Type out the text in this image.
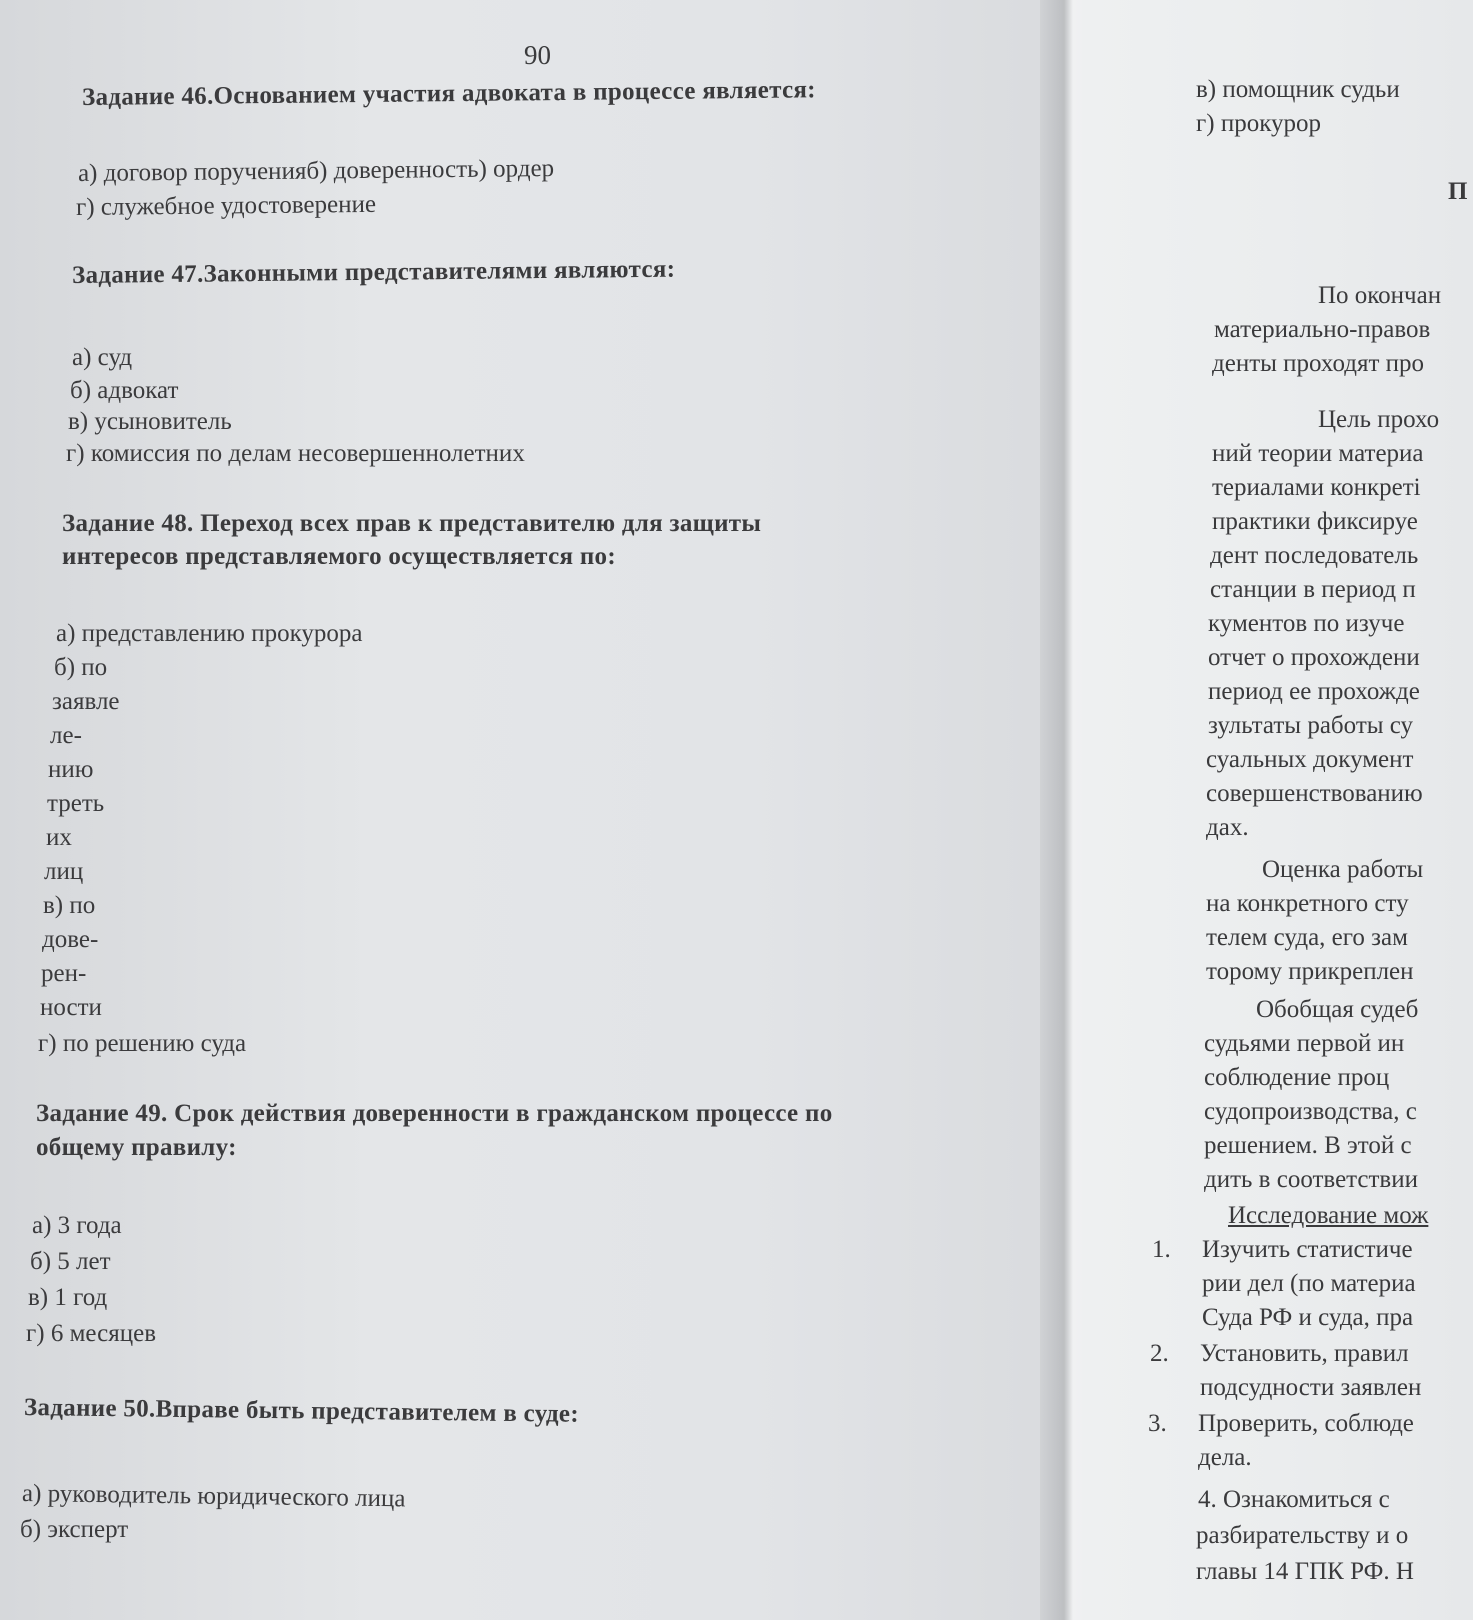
90
Задание 46.Основанием участия адвоката в процессе является:
а) договор порученияб) доверенность) ордер
г) служебное удостоверение
Задание 47.Законными представителями являются:
а) суд
б) адвокат
в) усыновитель
г) комиссия по делам несовершеннолетних
Задание 48. Переход всех прав к представителю для защиты
интересов представляемого осуществляется по:
а) представлению прокурора
б) по
заявле
ле-
нию
треть
их
лиц
в) по
дове-
рен-
ности
г) по решению суда
Задание 49. Срок действия доверенности в гражданском процессе по
общему правилу:
а) 3 года
б) 5 лет
в) 1 год
г) 6 месяцев
Задание 50.Вправе быть представителем в суде:
а) руководитель юридического лица
б) эксперт
в) помощник судьи
г) прокурор
П
По окончан
материально-правов
денты проходят про
Цель прохо
ний теории материа
териалами конкреті
практики фиксируе
дент последователь
станции в период п
кументов по изуче
отчет о прохождени
период ее прохожде
зультаты работы су
суальных документ
совершенствованию
дах.
Оценка работы
на конкретного сту
телем суда, его зам
торому прикреплен
Обобщая судеб
судьями первой ин
соблюдение проц
судопроизводства, с
решением. В этой с
дить в соответствии
Исследование мож
1. Изучить статистиче
рии дел (по материа
Суда РФ и суда, пра
2. Установить, правил
подсудности заявлен
3. Проверить, соблюде
дела.
4. Ознакомиться с
разбирательству и о
главы 14 ГПК РФ. Н
